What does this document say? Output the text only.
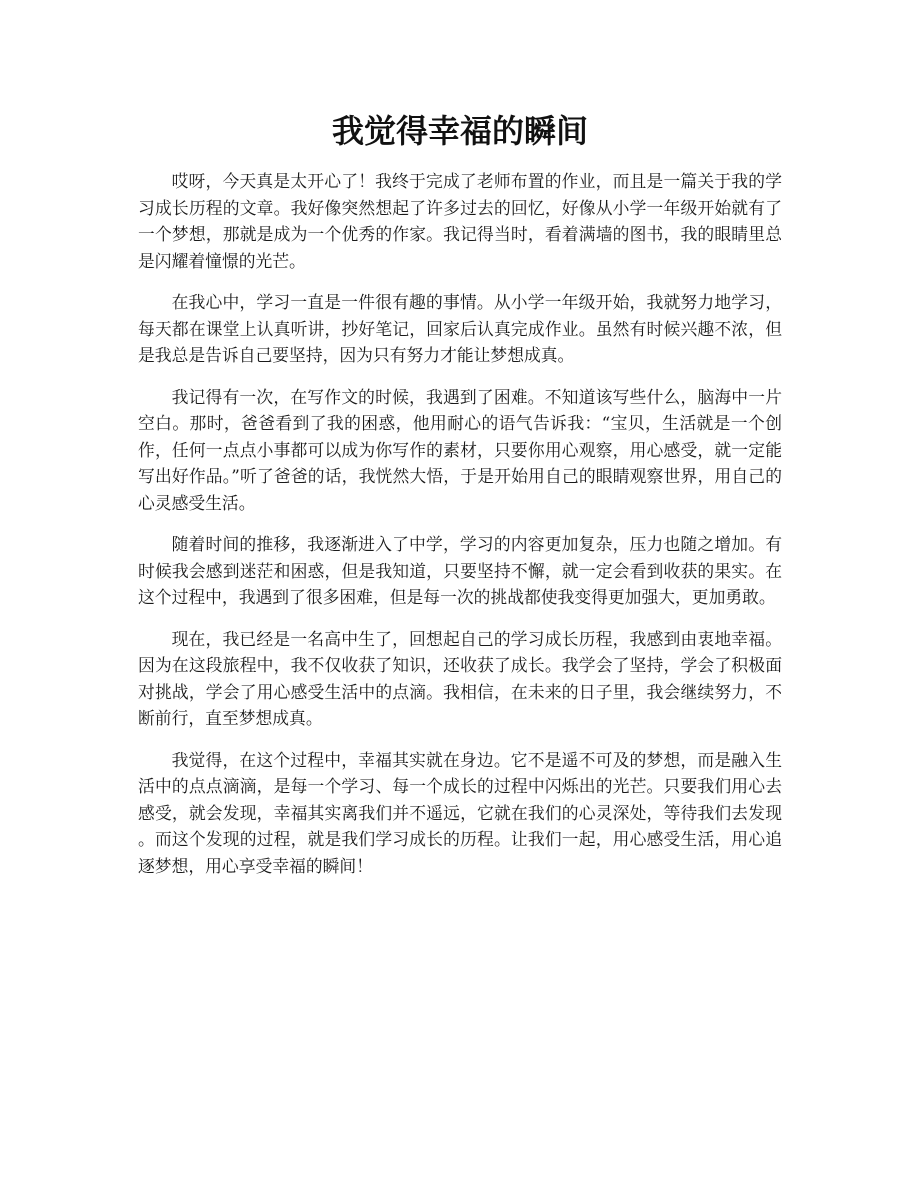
我觉得幸福的瞬间

哎呀，今天真是太开心了！我终于完成了老师布置的作业，而且是一篇关于我的学习成长历程的文章。我好像突然想起了许多过去的回忆，好像从小学一年级开始就有了一个梦想，那就是成为一个优秀的作家。我记得当时，看着满墙的图书，我的眼睛里总是闪耀着憧憬的光芒。

在我心中，学习一直是一件很有趣的事情。从小学一年级开始，我就努力地学习，每天都在课堂上认真听讲，抄好笔记，回家后认真完成作业。虽然有时候兴趣不浓，但是我总是告诉自己要坚持，因为只有努力才能让梦想成真。

我记得有一次，在写作文的时候，我遇到了困难。不知道该写些什么，脑海中一片空白。那时，爸爸看到了我的困惑，他用耐心的语气告诉我：“宝贝，生活就是一个创作，任何一点点小事都可以成为你写作的素材，只要你用心观察，用心感受，就一定能写出好作品。”听了爸爸的话，我恍然大悟，于是开始用自己的眼睛观察世界，用自己的心灵感受生活。

随着时间的推移，我逐渐进入了中学，学习的内容更加复杂，压力也随之增加。有时候我会感到迷茫和困惑，但是我知道，只要坚持不懈，就一定会看到收获的果实。在这个过程中，我遇到了很多困难，但是每一次的挑战都使我变得更加强大，更加勇敢。

现在，我已经是一名高中生了，回想起自己的学习成长历程，我感到由衷地幸福。因为在这段旅程中，我不仅收获了知识，还收获了成长。我学会了坚持，学会了积极面对挑战，学会了用心感受生活中的点滴。我相信，在未来的日子里，我会继续努力，不断前行，直至梦想成真。

我觉得，在这个过程中，幸福其实就在身边。它不是遥不可及的梦想，而是融入生活中的点点滴滴，是每一个学习、每一个成长的过程中闪烁出的光芒。只要我们用心去感受，就会发现，幸福其实离我们并不遥远，它就在我们的心灵深处，等待我们去发现。而这个发现的过程，就是我们学习成长的历程。让我们一起，用心感受生活，用心追逐梦想，用心享受幸福的瞬间！
